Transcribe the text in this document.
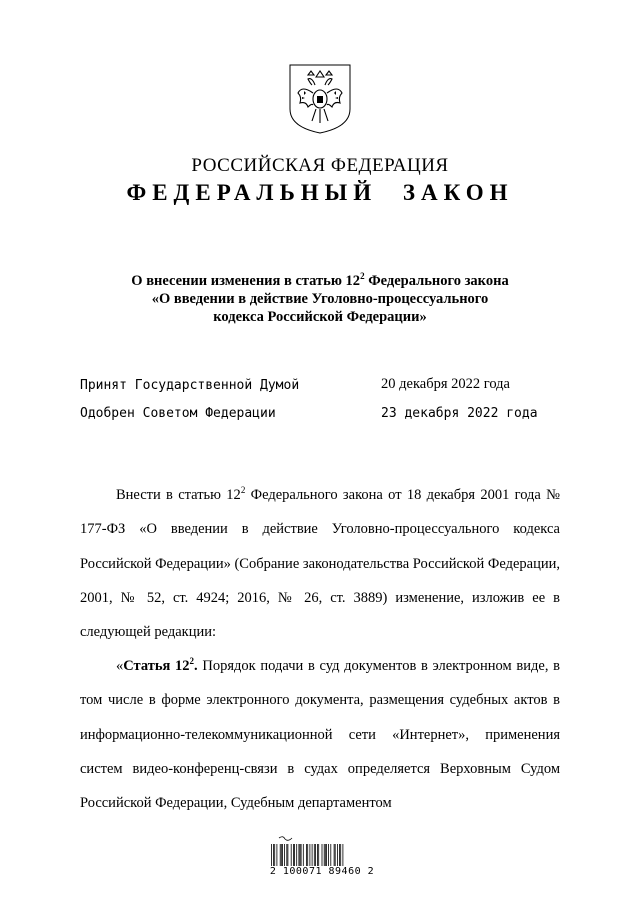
РОССИЙСКАЯ ФЕДЕРАЦИЯ
ФЕДЕРАЛЬНЫЙ ЗАКОН
О внесении изменения в статью $12^2$ Федерального закона
«О введении в действие Уголовно-процессуального
кодекса Российской Федерации»
Принят Государственной Думой	20 декабря 2022 года
Одобрен Советом Федерации	23 декабря 2022 года
Внести в статью $12^2$ Федерального закона от 18 декабря 2001 года № 177-ФЗ «О введении в действие Уголовно-процессуального кодекса Российской Федерации» (Собрание законодательства Российской Федерации, 2001, № 52, ст. 4924; 2016, № 26, ст. 3889) изменение, изложив ее в следующей редакции:
«Статья $12^2$. Порядок подачи в суд документов в электронном виде, в том числе в форме электронного документа, размещения судебных актов в информационно-телекоммуникационной сети «Интернет», применения систем видео-конференц-связи в судах определяется Верховным Судом Российской Федерации, Судебным департаментом
2 100071 89460 2
